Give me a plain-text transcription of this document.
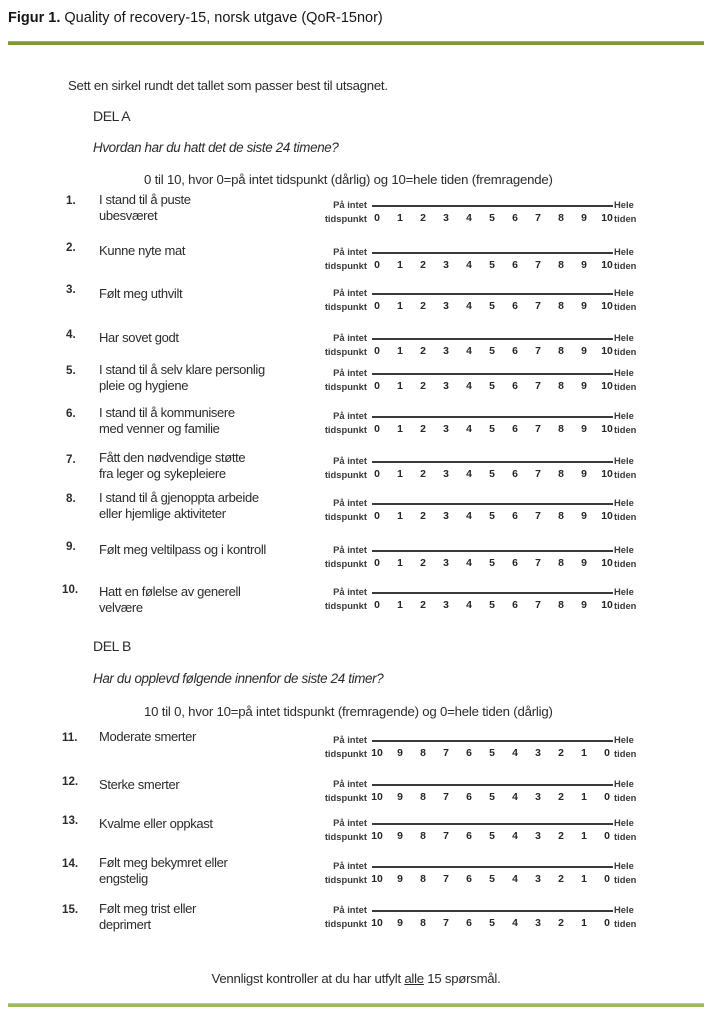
Figur 1. Quality of recovery-15, norsk utgave (QoR-15nor)
Sett en sirkel rundt det tallet som passer best til utsagnet.
DEL A
Hvordan har du hatt det de siste 24 timene?
0 til 10, hvor 0=på intet tidspunkt (dårlig) og 10=hele tiden (fremragende)
1.	I stand til å puste
ubesværet
På intet	Hele
tidspunkt 0	1	2	3	4	5	6	7	8	9	10 tiden
2.	Kunne nyte mat	På intet	Hele
tidspunkt 0	1	2	3	4	5	6	7	8	9	10 tiden
3.	Følt meg uthvilt	På intet	Hele
tidspunkt 0	1	2	3	4	5	6	7	8	9	10 tiden
4.	Har sovet godt	På intet	Hele
tidspunkt 0	1	2	3	4	5	6	7	8	9	10 tiden
5.	I stand til å selv klare personlig
pleie og hygiene
På intet	Hele
tidspunkt 0	1	2	3	4	5	6	7	8	9	10 tiden
6.	I stand til å kommunisere
med venner og familie
På intet	Hele
tidspunkt 0	1	2	3	4	5	6	7	8	9	10 tiden
7.	Fått den nødvendige støtte
fra leger og sykepleiere
På intet	Hele
tidspunkt 0	1	2	3	4	5	6	7	8	9	10 tiden
8.	I stand til å gjenoppta arbeide
eller hjemlige aktiviteter
På intet	Hele
tidspunkt 0	1	2	3	4	5	6	7	8	9	10 tiden
9.	Følt meg veltilpass og i kontroll	På intet	Hele
tidspunkt 0	1	2	3	4	5	6	7	8	9	10 tiden
10.	Hatt en følelse av generell
velvære
På intet	Hele
tidspunkt 0	1	2	3	4	5	6	7	8	9	10 tiden
DEL B
Har du opplevd følgende innenfor de siste 24 timer?
10 til 0, hvor 10=på intet tidspunkt (fremragende) og 0=hele tiden (dårlig)
11.	Moderate smerter	På intet	Hele
tidspunkt 10	9	8	7	6	5	4	3	2	1	0 tiden
12.	Sterke smerter	På intet	Hele
tidspunkt 10	9	8	7	6	5	4	3	2	1	0 tiden
13.	Kvalme eller oppkast	På intet	Hele
tidspunkt 10	9	8	7	6	5	4	3	2	1	0 tiden
14.	Følt meg bekymret eller
engstelig
På intet	Hele
tidspunkt 10	9	8	7	6	5	4	3	2	1	0 tiden
15.	Følt meg trist eller
deprimert
På intet	Hele
tidspunkt 10	9	8	7	6	5	4	3	2	1	0 tiden
Vennligst kontroller at du har utfylt alle 15 spørsmål.
